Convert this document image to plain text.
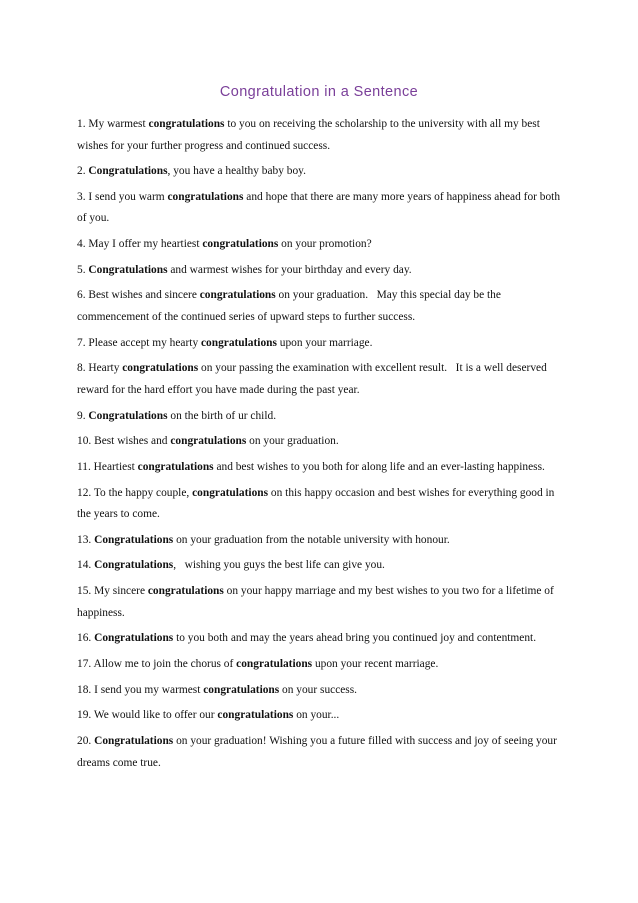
Congratulation in a Sentence

1. My warmest congratulations to you on receiving the scholarship to the university with all my best wishes for your further progress and continued success.

2. Congratulations, you have a healthy baby boy.

3. I send you warm congratulations and hope that there are many more years of happiness ahead for both of you.

4. May I offer my heartiest congratulations on your promotion?

5. Congratulations and warmest wishes for your birthday and every day.

6. Best wishes and sincere congratulations on your graduation.   May this special day be the commencement of the continued series of upward steps to further success.

7. Please accept my hearty congratulations upon your marriage.

8. Hearty congratulations on your passing the examination with excellent result.   It is a well deserved reward for the hard effort you have made during the past year.

9. Congratulations on the birth of ur child.

10. Best wishes and congratulations on your graduation.

11. Heartiest congratulations and best wishes to you both for along life and an ever-lasting happiness.

12. To the happy couple, congratulations on this happy occasion and best wishes for everything good in the years to come.

13. Congratulations on your graduation from the notable university with honour.

14. Congratulations,   wishing you guys the best life can give you.

15. My sincere congratulations on your happy marriage and my best wishes to you two for a lifetime of happiness.

16. Congratulations to you both and may the years ahead bring you continued joy and contentment.

17. Allow me to join the chorus of congratulations upon your recent marriage.

18. I send you my warmest congratulations on your success.

19. We would like to offer our congratulations on your...

20. Congratulations on your graduation! Wishing you a future filled with success and joy of seeing your dreams come true.
